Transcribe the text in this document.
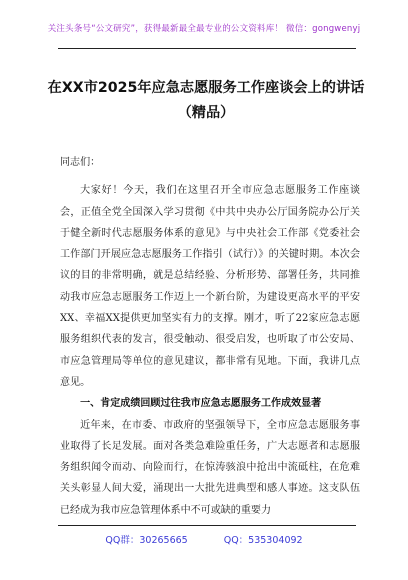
关注头条号“公文研究”，获得最新最全最专业的公文资料库！ 微信：gongwenyj
在XX市2025年应急志愿服务工作座谈会上的讲话（精品）

同志们：

大家好！今天，我们在这里召开全市应急志愿服务工作座谈会，正值全党全国深入学习贯彻《中共中央办公厅国务院办公厅关于健全新时代志愿服务体系的意见》与中央社会工作部《党委社会工作部门开展应急志愿服务工作指引（试行）》的关键时期。本次会议的目的非常明确，就是总结经验、分析形势、部署任务，共同推动我市应急志愿服务工作迈上一个新台阶，为建设更高水平的平安XX、幸福XX提供更加坚实有力的支撑。刚才，听了22家应急志愿服务组织代表的发言，很受触动、很受启发，也听取了市公安局、市应急管理局等单位的意见建议，都非常有见地。下面，我讲几点意见。

一、肯定成绩回顾过往我市应急志愿服务工作成效显著

近年来，在市委、市政府的坚强领导下，全市应急志愿服务事业取得了长足发展。面对各类急难险重任务，广大志愿者和志愿服务组织闻令而动、向险而行，在惊涛骇浪中抢出中流砥柱，在危难关头彰显人间大爱，涌现出一大批先进典型和感人事迹。这支队伍已经成为我市应急管理体系中不可或缺的重要力

QQ群：30265665	QQ：535304092
